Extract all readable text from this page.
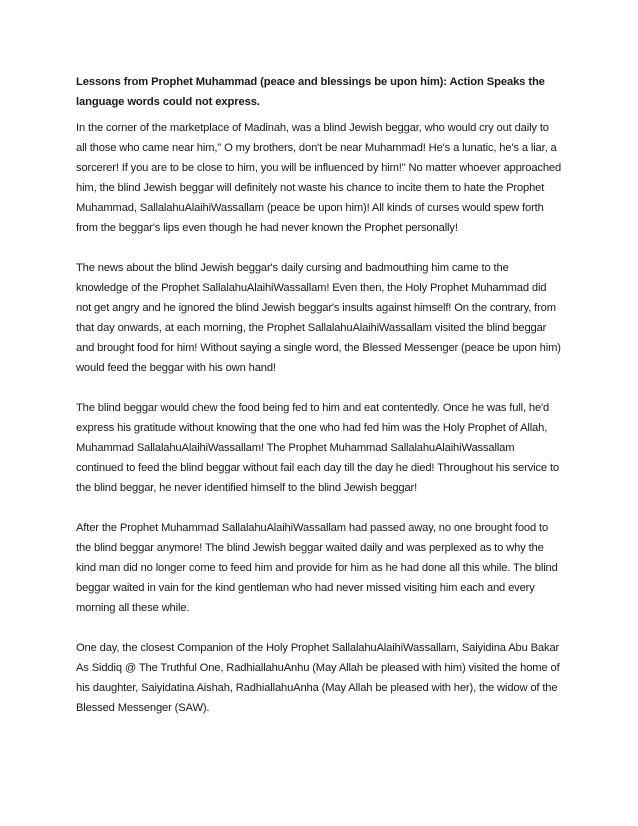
Lessons from Prophet Muhammad (peace and blessings be upon him): Action Speaks the language words could not express.

In the corner of the marketplace of Madinah, was a blind Jewish beggar, who would cry out daily to all those who came near him," O my brothers, don't be near Muhammad! He's a lunatic, he's a liar, a sorcerer! If you are to be close to him, you will be influenced by him!" No matter whoever approached him, the blind Jewish beggar will definitely not waste his chance to incite them to hate the Prophet Muhammad, SallalahuAlaihiWassallam (peace be upon him)! All kinds of curses would spew forth from the beggar's lips even though he had never known the Prophet personally!

The news about the blind Jewish beggar's daily cursing and badmouthing him came to the knowledge of the Prophet SallalahuAlaihiWassallam! Even then, the Holy Prophet Muhammad did not get angry and he ignored the blind Jewish beggar's insults against himself! On the contrary, from that day onwards, at each morning, the Prophet SallalahuAlaihiWassallam visited the blind beggar and brought food for him! Without saying a single word, the Blessed Messenger (peace be upon him) would feed the beggar with his own hand!

The blind beggar would chew the food being fed to him and eat contentedly. Once he was full, he'd express his gratitude without knowing that the one who had fed him was the Holy Prophet of Allah, Muhammad SallalahuAlaihiWassallam! The Prophet Muhammad SallalahuAlaihiWassallam continued to feed the blind beggar without fail each day till the day he died! Throughout his service to the blind beggar, he never identified himself to the blind Jewish beggar!

After the Prophet Muhammad SallalahuAlaihiWassallam had passed away, no one brought food to the blind beggar anymore! The blind Jewish beggar waited daily and was perplexed as to why the kind man did no longer come to feed him and provide for him as he had done all this while. The blind beggar waited in vain for the kind gentleman who had never missed visiting him each and every morning all these while.

One day, the closest Companion of the Holy Prophet SallalahuAlaihiWassallam, Saiyidina Abu Bakar As Siddiq @ The Truthful One, RadhiallahuAnhu (May Allah be pleased with him) visited the home of his daughter, Saiyidatina Aishah, RadhiallahuAnha (May Allah be pleased with her), the widow of the Blessed Messenger (SAW).
